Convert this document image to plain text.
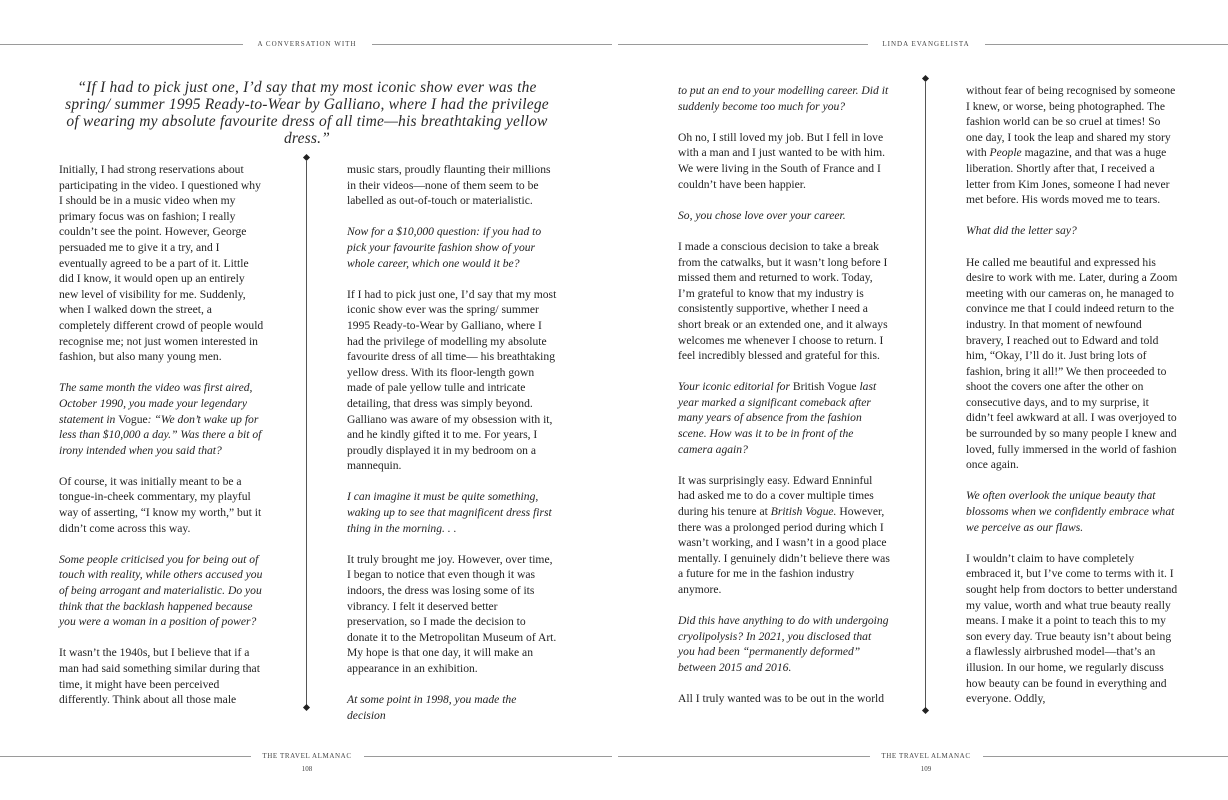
A CONVERSATION WITH	LINDA EVANGELISTA
“If I had to pick just one, I’d say that my most iconic show ever was the spring/ summer 1995 Ready-to-Wear by Galliano, where I had the privilege of wearing my absolute favourite dress of all time—his breathtaking yellow dress.”

Initially, I had strong reservations about participating in the video. I questioned why I should be in a music video when my primary focus was on fashion; I really couldn’t see the point. However, George persuaded me to give it a try, and I eventually agreed to be a part of it. Little did I know, it would open up an entirely new level of visibility for me. Suddenly, when I walked down the street, a completely different crowd of people would recognise me; not just women interested in fashion, but also many young men.

The same month the video was first aired, October 1990, you made your legendary statement in Vogue: “We don’t wake up for less than $10,000 a day.” Was there a bit of irony intended when you said that?

Of course, it was initially meant to be a tongue-in-cheek commentary, my playful way of asserting, “I know my worth,” but it didn’t come across this way.

Some people criticised you for being out of touch with reality, while others accused you of being arrogant and materialistic. Do you think that the backlash happened because you were a woman in a position of power?

It wasn’t the 1940s, but I believe that if a man had said something similar during that time, it might have been perceived differently. Think about all those male

music stars, proudly flaunting their millions in their videos—none of them seem to be labelled as out-of-touch or materialistic.

Now for a $10,000 question: if you had to pick your favourite fashion show of your whole career, which one would it be?

If I had to pick just one, I’d say that my most iconic show ever was the spring/ summer 1995 Ready-to-Wear by Galliano, where I had the privilege of modelling my absolute favourite dress of all time— his breathtaking yellow dress. With its floor-length gown made of pale yellow tulle and intricate detailing, that dress was simply beyond. Galliano was aware of my obsession with it, and he kindly gifted it to me. For years, I proudly displayed it in my bedroom on a mannequin.

I can imagine it must be quite something, waking up to see that magnificent dress first thing in the morning. . .

It truly brought me joy. However, over time, I began to notice that even though it was indoors, the dress was losing some of its vibrancy. I felt it deserved better preservation, so I made the decision to donate it to the Metropolitan Museum of Art. My hope is that one day, it will make an appearance in an exhibition.

At some point in 1998, you made the decision

to put an end to your modelling career. Did it suddenly become too much for you?

Oh no, I still loved my job. But I fell in love with a man and I just wanted to be with him. We were living in the South of France and I couldn’t have been happier.

So, you chose love over your career.

I made a conscious decision to take a break from the catwalks, but it wasn’t long before I missed them and returned to work. Today, I’m grateful to know that my industry is consistently supportive, whether I need a short break or an extended one, and it always welcomes me whenever I choose to return. I feel incredibly blessed and grateful for this.

Your iconic editorial for British Vogue last year marked a significant comeback after many years of absence from the fashion scene. How was it to be in front of the camera again?

It was surprisingly easy. Edward Enninful had asked me to do a cover multiple times during his tenure at British Vogue. However, there was a prolonged period during which I wasn’t working, and I wasn’t in a good place mentally. I genuinely didn’t believe there was a future for me in the fashion industry anymore.

Did this have anything to do with undergoing cryolipolysis? In 2021, you disclosed that you had been “permanently deformed” between 2015 and 2016.

All I truly wanted was to be out in the world

without fear of being recognised by someone I knew, or worse, being photographed. The fashion world can be so cruel at times! So one day, I took the leap and shared my story with People magazine, and that was a huge liberation. Shortly after that, I received a letter from Kim Jones, someone I had never met before. His words moved me to tears.

What did the letter say?

He called me beautiful and expressed his desire to work with me. Later, during a Zoom meeting with our cameras on, he managed to convince me that I could indeed return to the industry. In that moment of newfound bravery, I reached out to Edward and told him, “Okay, I’ll do it. Just bring lots of fashion, bring it all!” We then proceeded to shoot the covers one after the other on consecutive days, and to my surprise, it didn’t feel awkward at all. I was overjoyed to be surrounded by so many people I knew and loved, fully immersed in the world of fashion once again.

We often overlook the unique beauty that blossoms when we confidently embrace what we perceive as our flaws.

I wouldn’t claim to have completely embraced it, but I’ve come to terms with it. I sought help from doctors to better understand my value, worth and what true beauty really means. I make it a point to teach this to my son every day. True beauty isn’t about being a flawlessly airbrushed model—that’s an illusion. In our home, we regularly discuss how beauty can be found in everything and everyone. Oddly,

THE TRAVEL ALMANAC
108
THE TRAVEL ALMANAC
109
